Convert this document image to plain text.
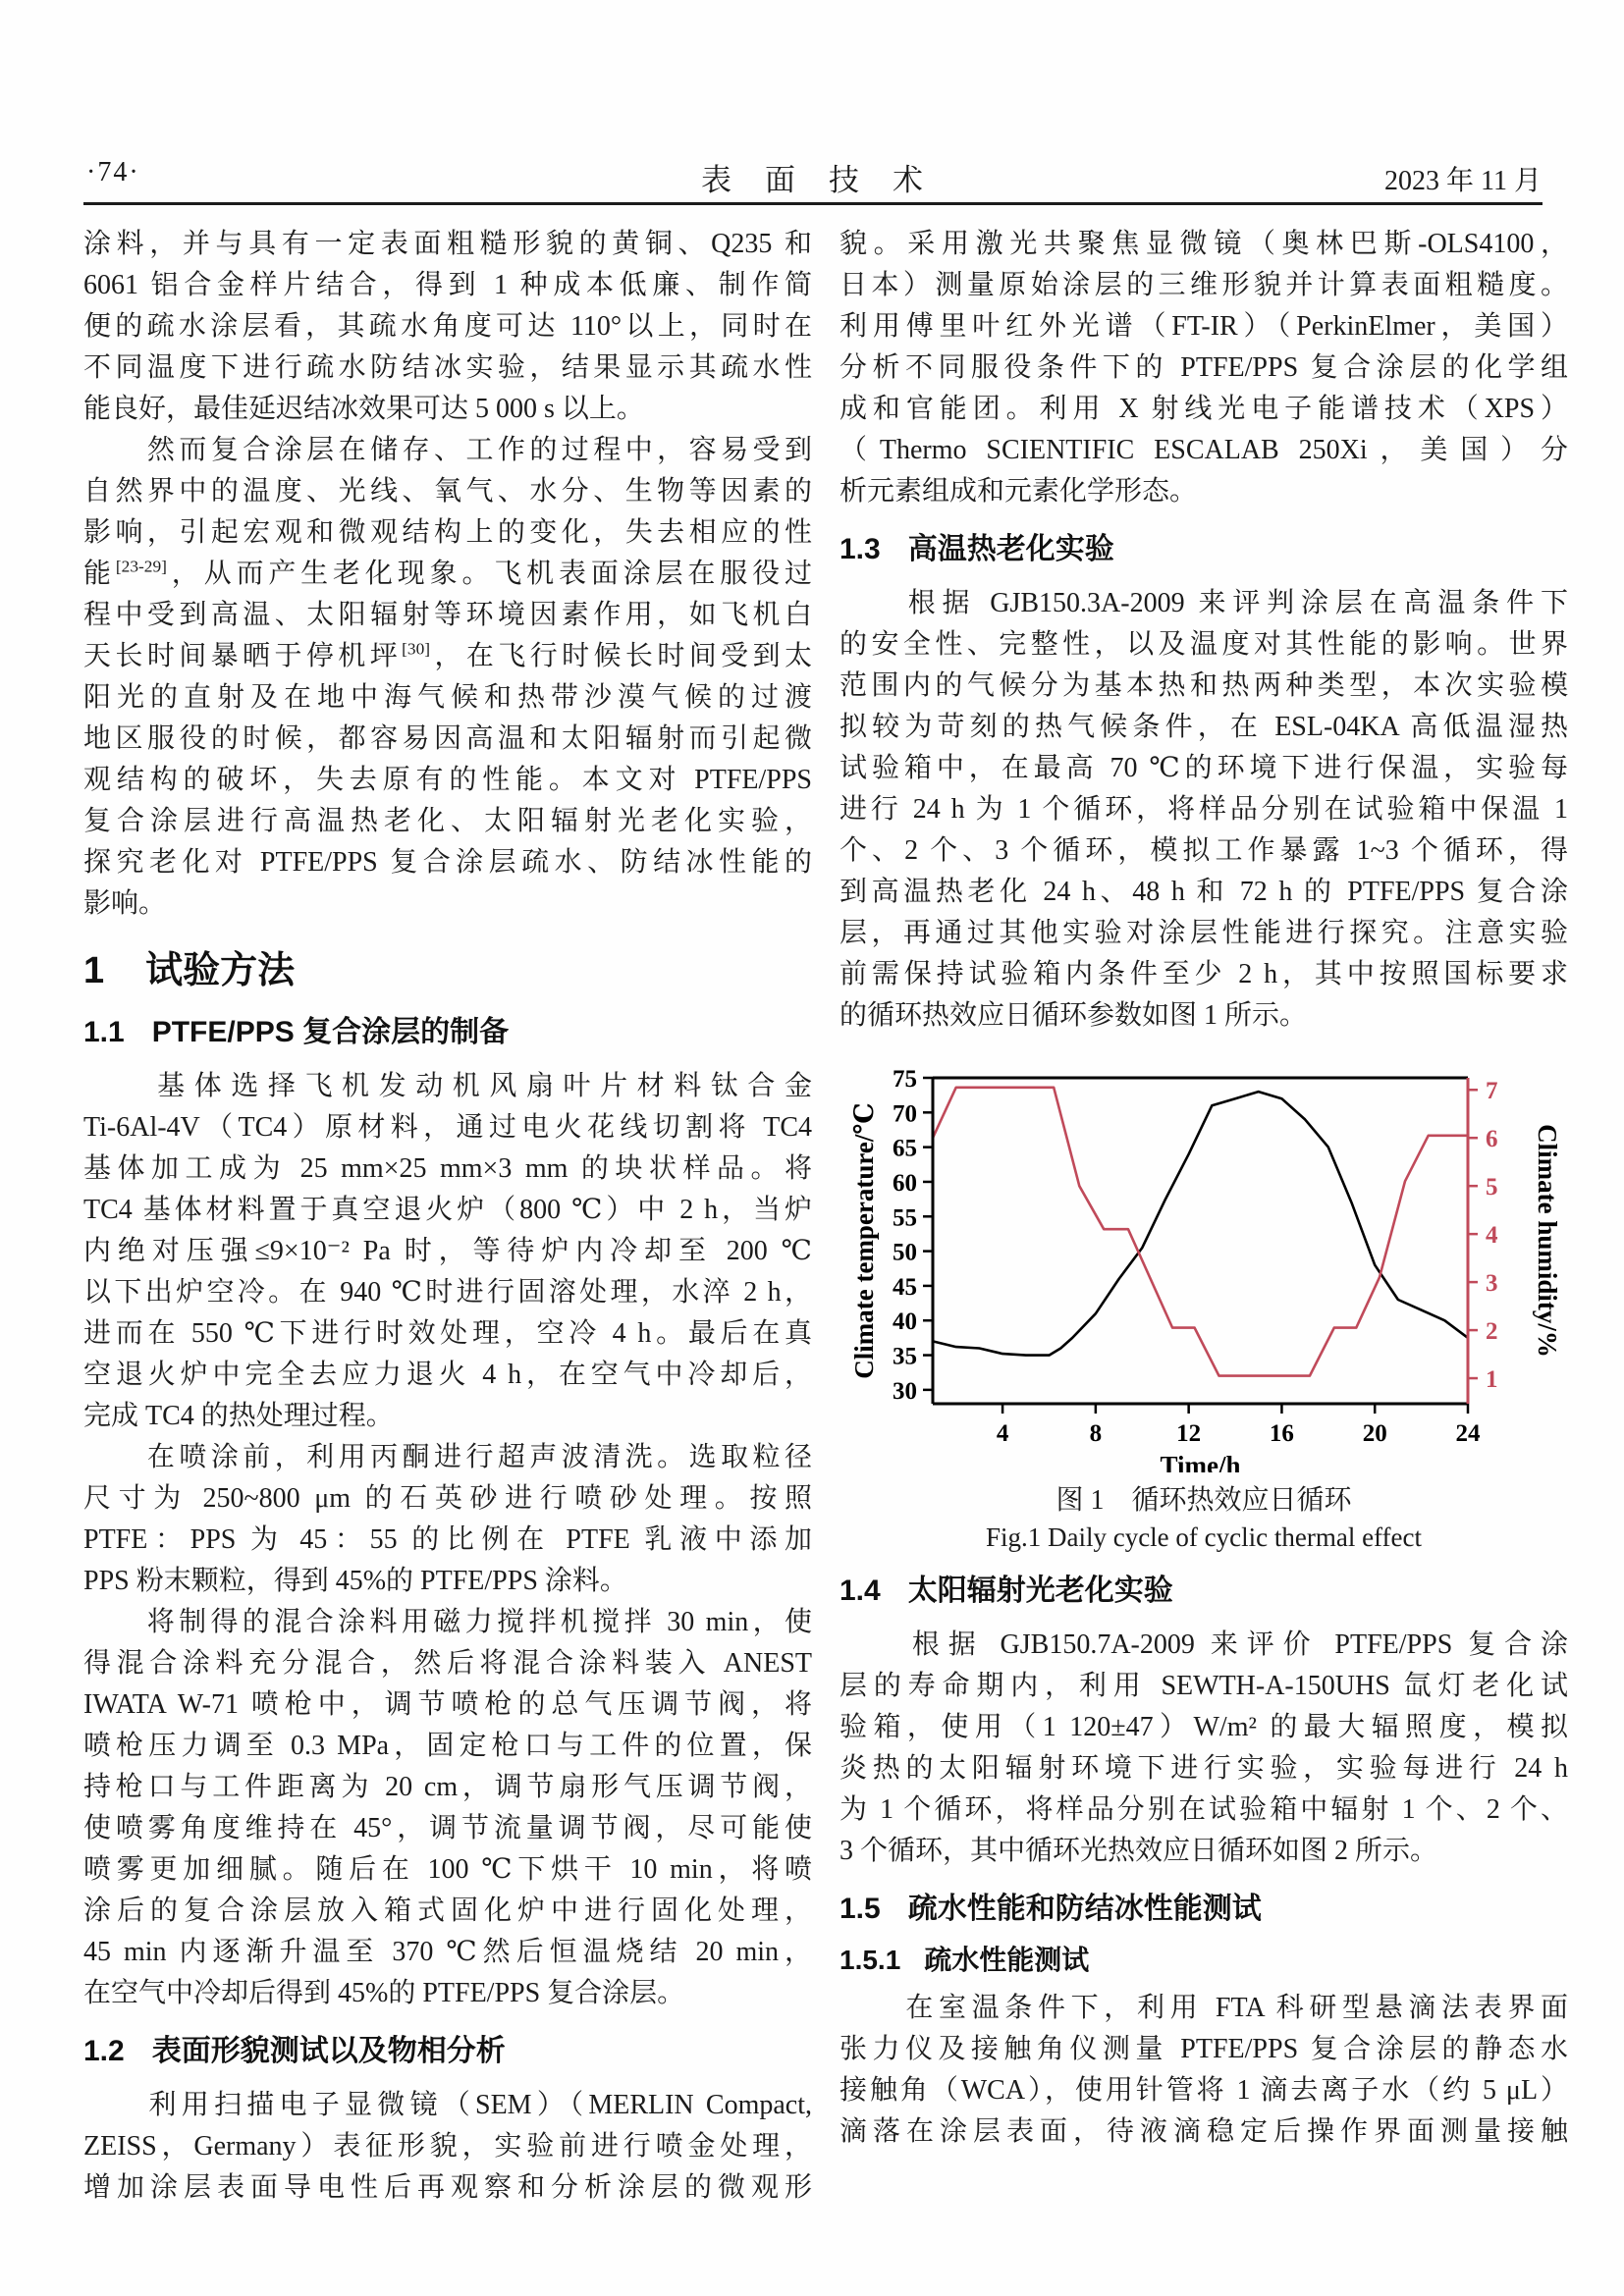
·74·	表面技术	2023 年 11 月
涂料，并与具有一定表面粗糙形貌的黄铜、Q235 和
6061 铝合金样片结合，得到 1 种成本低廉、制作简
便的疏水涂层看，其疏水角度可达 110°以上，同时在
不同温度下进行疏水防结冰实验，结果显示其疏水性
能良好，最佳延迟结冰效果可达 5 000 s 以上。
　　然而复合涂层在储存、工作的过程中，容易受到
自然界中的温度、光线、氧气、水分、生物等因素的
影响，引起宏观和微观结构上的变化，失去相应的性
能[23-29]，从而产生老化现象。飞机表面涂层在服役过
程中受到高温、太阳辐射等环境因素作用，如飞机白
天长时间暴晒于停机坪[30]，在飞行时候长时间受到太
阳光的直射及在地中海气候和热带沙漠气候的过渡
地区服役的时候，都容易因高温和太阳辐射而引起微
观结构的破坏，失去原有的性能。本文对 PTFE/PPS
复合涂层进行高温热老化、太阳辐射光老化实验，
探究老化对 PTFE/PPS 复合涂层疏水、防结冰性能的
影响。
1 试验方法
1.1 PTFE/PPS 复合涂层的制备
　　基体选择飞机发动机风扇叶片材料钛合金
Ti-6Al-4V（TC4）原材料，通过电火花线切割将 TC4
基体加工成为 25 mm×25 mm×3 mm 的块状样品。将
TC4 基体材料置于真空退火炉（800 ℃）中 2 h，当炉
内绝对压强≤9×10⁻² Pa 时，等待炉内冷却至 200 ℃
以下出炉空冷。在 940 ℃时进行固溶处理，水淬 2 h，
进而在 550 ℃下进行时效处理，空冷 4 h。最后在真
空退火炉中完全去应力退火 4 h，在空气中冷却后，
完成 TC4 的热处理过程。
　　在喷涂前，利用丙酮进行超声波清洗。选取粒径
尺寸为 250~800 μm 的石英砂进行喷砂处理。按照
PTFE：PPS 为 45：55 的比例在 PTFE 乳液中添加
PPS 粉末颗粒，得到 45%的 PTFE/PPS 涂料。
　　将制得的混合涂料用磁力搅拌机搅拌 30 min，使
得混合涂料充分混合，然后将混合涂料装入 ANEST
IWATA W-71 喷枪中，调节喷枪的总气压调节阀，将
喷枪压力调至 0.3 MPa，固定枪口与工件的位置，保
持枪口与工件距离为 20 cm，调节扇形气压调节阀，
使喷雾角度维持在 45°，调节流量调节阀，尽可能使
喷雾更加细腻。随后在 100 ℃下烘干 10 min，将喷
涂后的复合涂层放入箱式固化炉中进行固化处理，
45 min 内逐渐升温至 370 ℃然后恒温烧结 20 min，
在空气中冷却后得到 45%的 PTFE/PPS 复合涂层。
1.2 表面形貌测试以及物相分析
　　利用扫描电子显微镜（SEM）（MERLIN Compact,
ZEISS，Germany）表征形貌，实验前进行喷金处理，
增加涂层表面导电性后再观察和分析涂层的微观形
貌。采用激光共聚焦显微镜（奥林巴斯-OLS4100，
日本）测量原始涂层的三维形貌并计算表面粗糙度。
利用傅里叶红外光谱（FT-IR）（PerkinElmer，美国）
分析不同服役条件下的 PTFE/PPS 复合涂层的化学组
成和官能团。利用 X 射线光电子能谱技术（XPS）
（Thermo SCIENTIFIC ESCALAB 250Xi，美国）分
析元素组成和元素化学形态。
1.3 高温热老化实验
　　根据 GJB150.3A-2009 来评判涂层在高温条件下
的安全性、完整性，以及温度对其性能的影响。世界
范围内的气候分为基本热和热两种类型，本次实验模
拟较为苛刻的热气候条件，在 ESL-04KA 高低温湿热
试验箱中，在最高 70 ℃的环境下进行保温，实验每
进行 24 h 为 1 个循环，将样品分别在试验箱中保温 1
个、2 个、3 个循环，模拟工作暴露 1~3 个循环，得
到高温热老化 24 h、48 h 和 72 h 的 PTFE/PPS 复合涂
层，再通过其他实验对涂层性能进行探究。注意实验
前需保持试验箱内条件至少 2 h，其中按照国标要求
的循环热效应日循环参数如图 1 所示。
4	8	12	16	20	24
30
35
40
45
50
55
60
65
70
75
1
2
3
4
5
6
7
Climate temperature/℃	Climate humidity/%
Time/h
图 1　循环热效应日循环
Fig.1 Daily cycle of cyclic thermal effect
1.4 太阳辐射光老化实验
　　根据 GJB150.7A-2009 来评价 PTFE/PPS 复合涂
层的寿命期内，利用 SEWTH-A-150UHS 氙灯老化试
验箱，使用（1 120±47）W/m² 的最大辐照度，模拟
炎热的太阳辐射环境下进行实验，实验每进行 24 h
为 1 个循环，将样品分别在试验箱中辐射 1 个、2 个、
3 个循环，其中循环光热效应日循环如图 2 所示。
1.5 疏水性能和防结冰性能测试
1.5.1 疏水性能测试
　　在室温条件下，利用 FTA 科研型悬滴法表界面
张力仪及接触角仪测量 PTFE/PPS 复合涂层的静态水
接触角（WCA），使用针管将 1 滴去离子水（约 5 μL）
滴落在涂层表面，待液滴稳定后操作界面测量接触
